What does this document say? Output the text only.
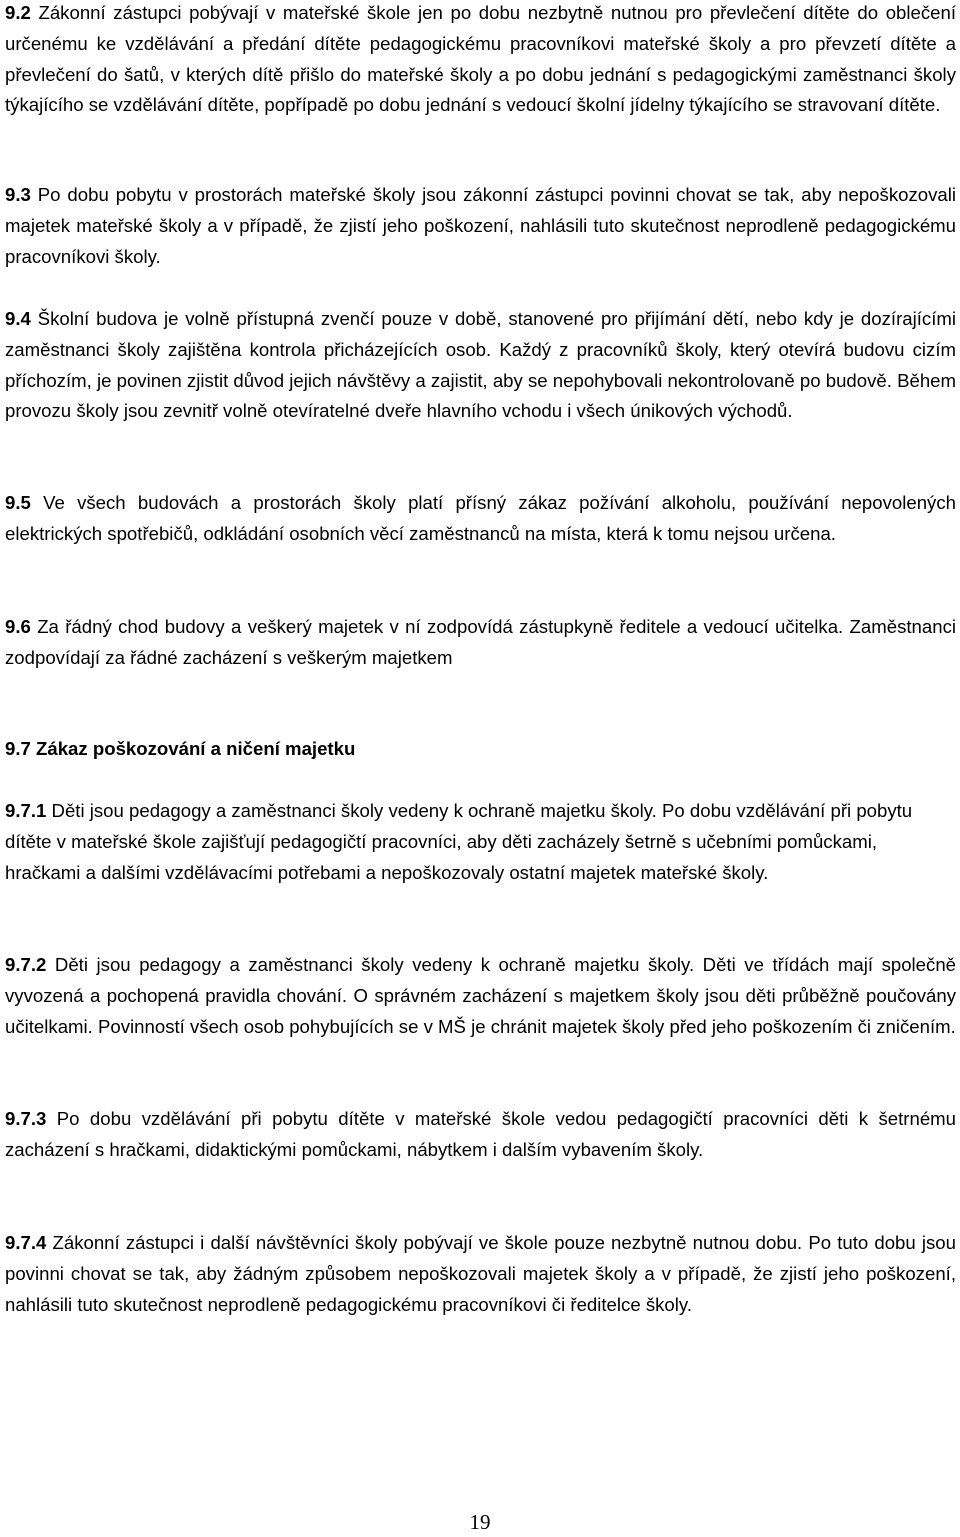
9.2 Zákonní zástupci pobývají v mateřské škole jen po dobu nezbytně nutnou pro převlečení dítěte do oblečení určenému ke vzdělávání a předání dítěte pedagogickému pracovníkovi mateřské školy a pro převzetí dítěte a převlečení do šatů, v kterých dítě přišlo do mateřské školy a po dobu jednání s pedagogickými zaměstnanci školy týkajícího se vzdělávání dítěte, popřípadě po dobu jednání s vedoucí školní jídelny týkajícího se stravovaní dítěte.

9.3 Po dobu pobytu v prostorách mateřské školy jsou zákonní zástupci povinni chovat se tak, aby nepoškozovali majetek mateřské školy a v případě, že zjistí jeho poškození, nahlásili tuto skutečnost neprodleně pedagogickému pracovníkovi školy.

9.4 Školní budova je volně přístupná zvenčí pouze v době, stanovené pro přijímání dětí, nebo kdy je dozírajícími zaměstnanci školy zajištěna kontrola přicházejících osob. Každý z pracovníků školy, který otevírá budovu cizím příchozím, je povinen zjistit důvod jejich návštěvy a zajistit, aby se nepohybovali nekontrolovaně po budově. Během provozu školy jsou zevnitř volně otevíratelné dveře hlavního vchodu i všech únikových východů.

9.5 Ve všech budovách a prostorách školy platí přísný zákaz požívání alkoholu, používání nepovolených elektrických spotřebičů, odkládání osobních věcí zaměstnanců na místa, která k tomu nejsou určena.

9.6 Za řádný chod budovy a veškerý majetek v ní zodpovídá zástupkyně ředitele a vedoucí učitelka. Zaměstnanci zodpovídají za řádné zacházení s veškerým majetkem

9.7 Zákaz poškozování a ničení majetku

9.7.1 Děti jsou pedagogy a zaměstnanci školy vedeny k ochraně majetku školy. Po dobu vzdělávání při pobytu dítěte v mateřské škole zajišťují pedagogičtí pracovníci, aby děti zacházely šetrně s učebními pomůckami, hračkami a dalšími vzdělávacími potřebami a nepoškozovaly ostatní majetek mateřské školy.

9.7.2 Děti jsou pedagogy a zaměstnanci školy vedeny k ochraně majetku školy. Děti ve třídách mají společně vyvozená a pochopená pravidla chování. O správném zacházení s majetkem školy jsou děti průběžně poučovány učitelkami. Povinností všech osob pohybujících se v MŠ je chránit majetek školy před jeho poškozením či zničením.

9.7.3 Po dobu vzdělávání při pobytu dítěte v mateřské škole vedou pedagogičtí pracovníci děti k šetrnému zacházení s hračkami, didaktickými pomůckami, nábytkem i dalším vybavením školy.

9.7.4 Zákonní zástupci i další návštěvníci školy pobývají ve škole pouze nezbytně nutnou dobu. Po tuto dobu jsou povinni chovat se tak, aby žádným způsobem nepoškozovali majetek školy a v případě, že zjistí jeho poškození, nahlásili tuto skutečnost neprodleně pedagogickému pracovníkovi či ředitelce školy.

19
